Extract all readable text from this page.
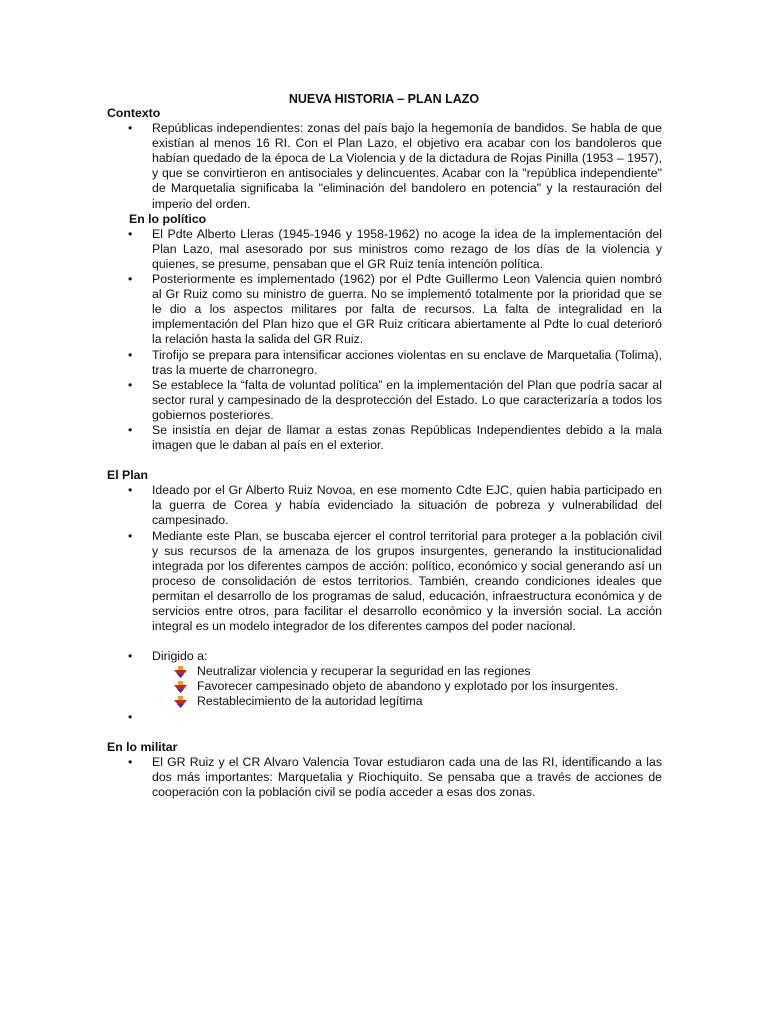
NUEVA HISTORIA – PLAN LAZO

Contexto

• Repúblicas independientes: zonas del país bajo la hegemonía de bandidos. Se habla de que existían al menos 16 RI. Con el Plan Lazo, el objetivo era acabar con los bandoleros que habían quedado de la época de La Violencia y de la dictadura de Rojas Pinilla (1953 – 1957), y que se convirtieron en antisociales y delincuentes. Acabar con la "república independiente" de Marquetalia significaba la "eliminación del bandolero en potencia" y la restauración del imperio del orden.

En lo político

• El Pdte Alberto Lleras (1945-1946 y 1958-1962) no acoge la idea de la implementación del Plan Lazo, mal asesorado por sus ministros como rezago de los días de la violencia y quienes, se presume, pensaban que el GR Ruiz tenía intención política.
• Posteriormente es implementado (1962) por el Pdte Guillermo Leon Valencia quien nombró al Gr Ruiz como su ministro de guerra. No se implementó totalmente por la prioridad que se le dio a los aspectos militares por falta de recursos. La falta de integralidad en la implementación del Plan hizo que el GR Ruiz criticara abiertamente al Pdte lo cual deterioró la relación hasta la salida del GR Ruiz.
• Tirofijo se prepara para intensificar acciones violentas en su enclave de Marquetalia (Tolima), tras la muerte de charronegro.
• Se establece la “falta de voluntad política” en la implementación del Plan que podría sacar al sector rural y campesinado de la desprotección del Estado. Lo que caracterizaría a todos los gobiernos posteriores.
• Se insistía en dejar de llamar a estas zonas Repúblicas Independientes debido a la mala imagen que le daban al país en el exterior.

El Plan

• Ideado por el Gr Alberto Ruiz Novoa, en ese momento Cdte EJC, quien habia participado en la guerra de Corea y había evidenciado la situación de pobreza y vulnerabilidad del campesinado.
• Mediante este Plan, se buscaba ejercer el control territorial para proteger a la población civil y sus recursos de la amenaza de los grupos insurgentes, generando la institucionalidad integrada por los diferentes campos de acción: político, económico y social generando así un proceso de consolidación de estos territorios. También, creando condiciones ideales que permitan el desarrollo de los programas de salud, educación, infraestructura económica y de servicios entre otros, para facilitar el desarrollo económico y la inversión social. La acción integral es un modelo integrador de los diferentes campos del poder nacional.
• Dirigido a:
Neutralizar violencia y recuperar la seguridad en las regiones
Favorecer campesinado objeto de abandono y explotado por los insurgentes.
Restablecimiento de la autoridad legítima
•

En lo militar

• El GR Ruiz y el CR Alvaro Valencia Tovar estudiaron cada una de las RI, identificando a las dos más importantes: Marquetalia y Riochiquito. Se pensaba que a través de acciones de cooperación con la población civil se podía acceder a esas dos zonas.
